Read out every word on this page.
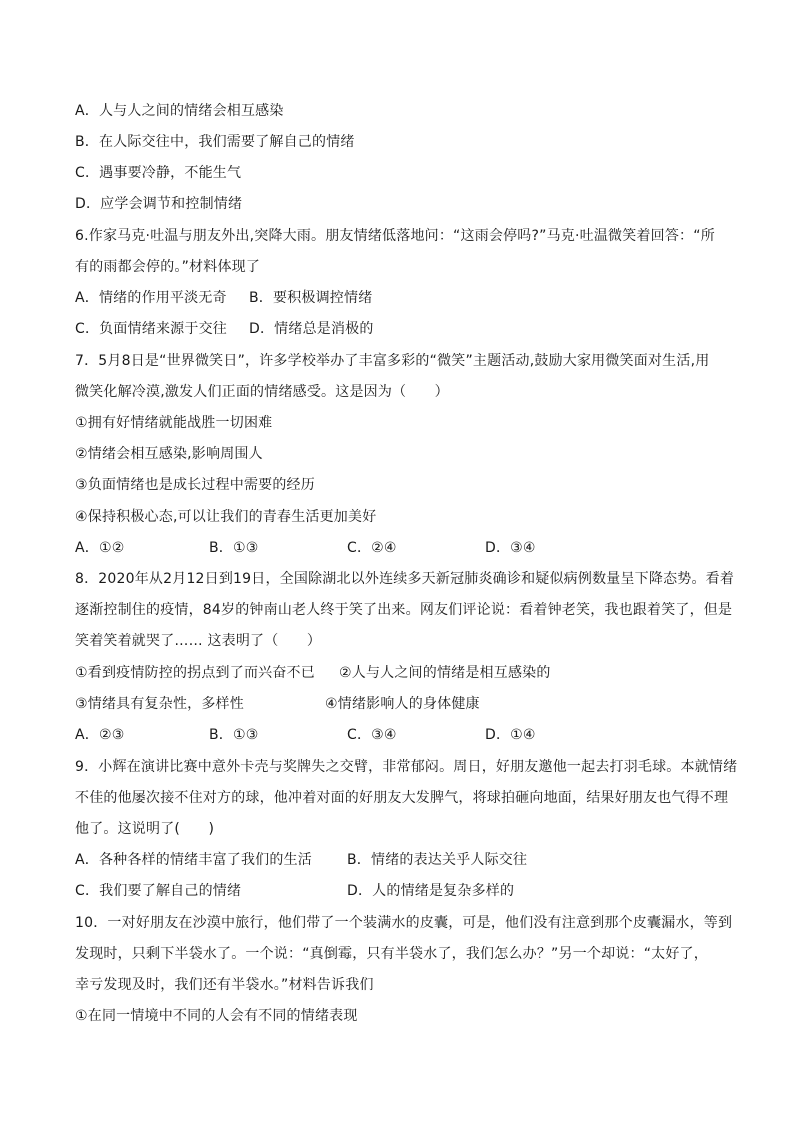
A．人与人之间的情绪会相互感染
B．在人际交往中，我们需要了解自己的情绪
C．遇事要冷静，不能生气
D．应学会调节和控制情绪
6.作家马克·吐温与朋友外出,突降大雨。朋友情绪低落地问：“这雨会停吗?”马克·吐温微笑着回答：“所
有的雨都会停的。”材料体现了
A．情绪的作用平淡无奇 B．要积极调控情绪
C．负面情绪来源于交往 D．情绪总是消极的
7．5月8日是“世界微笑日”，许多学校举办了丰富多彩的“微笑”主题活动,鼓励大家用微笑面对生活,用
微笑化解冷漠,激发人们正面的情绪感受。这是因为（　　）
①拥有好情绪就能战胜一切困难
②情绪会相互感染,影响周围人
③负面情绪也是成长过程中需要的经历
④保持积极心态,可以让我们的青春生活更加美好
A．①②	B．①③	C．②④	D．③④
8．2020年从2月12日到19日，全国除湖北以外连续多天新冠肺炎确诊和疑似病例数量呈下降态势。看着
逐渐控制住的疫情，84岁的钟南山老人终于笑了出来。网友们评论说：看着钟老笑，我也跟着笑了，但是
笑着笑着就哭了…… 这表明了（　　）
①看到疫情防控的拐点到了而兴奋不已 ②人与人之间的情绪是相互感染的
③情绪具有复杂性，多样性	④情绪影响人的身体健康
A．②③	B．①③	C．③④	D．①④
9．小辉在演讲比赛中意外卡壳与奖牌失之交臂，非常郁闷。周日，好朋友邀他一起去打羽毛球。本就情绪
不佳的他屡次接不住对方的球，他冲着对面的好朋友大发脾气，将球拍砸向地面，结果好朋友也气得不理
他了。这说明了(　　)
A．各种各样的情绪丰富了我们的生活	B．情绪的表达关乎人际交往
C．我们要了解自己的情绪	D．人的情绪是复杂多样的
10．一对好朋友在沙漠中旅行，他们带了一个装满水的皮囊，可是，他们没有注意到那个皮囊漏水，等到
发现时，只剩下半袋水了。一个说：“真倒霉，只有半袋水了，我们怎么办？”另一个却说：“太好了，
幸亏发现及时，我们还有半袋水。”材料告诉我们
①在同一情境中不同的人会有不同的情绪表现
